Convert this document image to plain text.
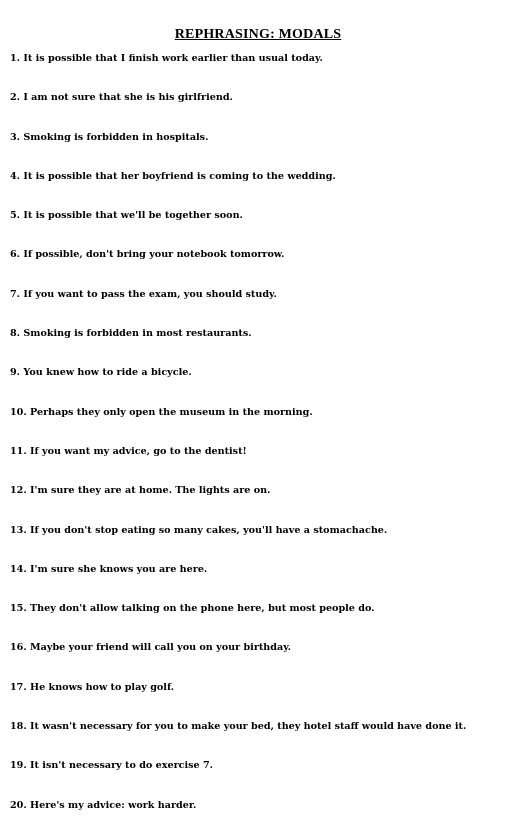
REPHRASING: MODALS
1. It is possible that I finish work earlier than usual today.
2. I am not sure that she is his girlfriend.
3. Smoking is forbidden in hospitals.
4. It is possible that her boyfriend is coming to the wedding.
5. It is possible that we'll be together soon.
6. If possible, don't bring your notebook tomorrow.
7. If you want to pass the exam, you should study.
8. Smoking is forbidden in most restaurants.
9. You knew how to ride a bicycle.
10. Perhaps they only open the museum in the morning.
11. If you want my advice, go to the dentist!
12. I'm sure they are at home. The lights are on.
13. If you don't stop eating so many cakes, you'll have a stomachache.
14. I'm sure she knows you are here.
15. They don't allow talking on the phone here, but most people do.
16. Maybe your friend will call you on your birthday.
17. He knows how to play golf.
18. It wasn't necessary for you to make your bed, they hotel staff would have done it.
19. It isn't necessary to do exercise 7.
20. Here's my advice: work harder.
